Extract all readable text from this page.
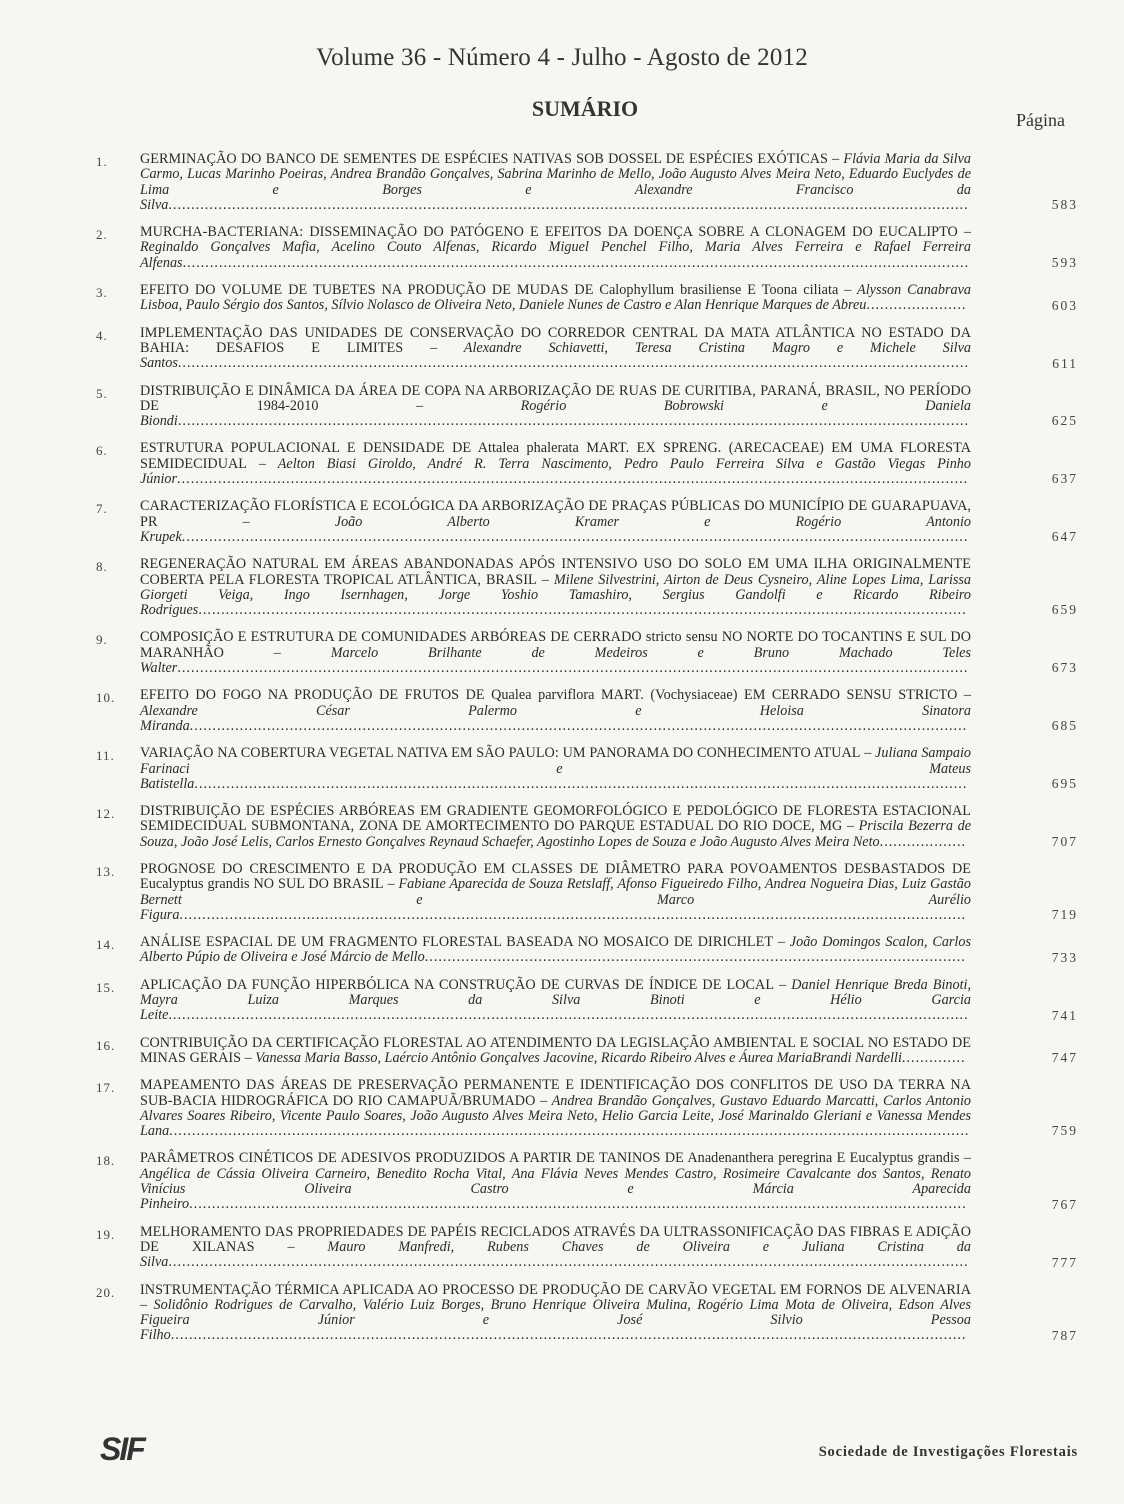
Volume 36 - Número 4 - Julho - Agosto de 2012
SUMÁRIO	Página
1.	GERMINAÇÃO DO BANCO DE SEMENTES DE ESPÉCIES NATIVAS SOB DOSSEL DE ESPÉCIES EXÓTICAS – Flávia Maria da Silva Carmo, Lucas Marinho Poeiras, Andrea Brandão Gonçalves, Sabrina Marinho de Mello, João Augusto Alves Meira Neto, Eduardo Euclydes de Lima e Borges e Alexandre Francisco da Silva................................................................................................................................................................................	583
2.	MURCHA-BACTERIANA: DISSEMINAÇÃO DO PATÓGENO E EFEITOS DA DOENÇA SOBRE A CLONAGEM DO EUCALIPTO – Reginaldo Gonçalves Mafia, Acelino Couto Alfenas, Ricardo Miguel Penchel Filho, Maria Alves Ferreira e Rafael Ferreira Alfenas.............................................................................................................................................................................	593
3.	EFEITO DO VOLUME DE TUBETES NA PRODUÇÃO DE MUDAS DE Calophyllum brasiliense E Toona ciliata – Alysson Canabrava Lisboa, Paulo Sérgio dos Santos, Sílvio Nolasco de Oliveira Neto, Daniele Nunes de Castro e Alan Henrique Marques de Abreu......................	603
4.	IMPLEMENTAÇÃO DAS UNIDADES DE CONSERVAÇÃO DO CORREDOR CENTRAL DA MATA ATLÂNTICA NO ESTADO DA BAHIA: DESAFIOS E LIMITES – Alexandre Schiavetti, Teresa Cristina Magro e Michele Silva Santos..............................................................................................................................................................................	611
5.	DISTRIBUIÇÃO E DINÂMICA DA ÁREA DE COPA NA ARBORIZAÇÃO DE RUAS DE CURITIBA, PARANÁ, BRASIL, NO PERÍODO DE 1984-2010	– Rogério Bobrowski e Daniela Biondi..............................................................................................................................................................................	625
6.	ESTRUTURA POPULACIONAL E DENSIDADE DE Attalea phalerata MART. EX SPRENG. (ARECACEAE) EM UMA FLORESTA SEMIDECIDUAL – Aelton Biasi Giroldo, André R. Terra Nascimento, Pedro Paulo Ferreira Silva e Gastão Viegas Pinho Júnior..............................................................................................................................................................................	637
7.	CARACTERIZAÇÃO FLORÍSTICA E ECOLÓGICA DA ARBORIZAÇÃO DE PRAÇAS PÚBLICAS DO MUNICÍPIO DE GUARAPUAVA, PR	– João Alberto Kramer e Rogério Antonio Krupek.............................................................................................................................................................................	647
8.	REGENERAÇÃO NATURAL EM ÁREAS ABANDONADAS APÓS INTENSIVO USO DO SOLO EM UMA ILHA ORIGINALMENTE COBERTA PELA FLORESTA TROPICAL ATLÂNTICA, BRASIL – Milene Silvestrini, Airton de Deus Cysneiro, Aline Lopes Lima, Larissa Giorgeti Veiga, Ingo Isernhagen, Jorge Yoshio Tamashiro, Sergius Gandolfi e Ricardo Ribeiro Rodrigues.........................................................................................................................................................................	659
9.	COMPOSIÇÃO E ESTRUTURA DE COMUNIDADES ARBÓREAS DE CERRADO stricto sensu NO NORTE DO TOCANTINS E SUL DO MARANHÃO	– Marcelo Brilhante de Medeiros e Bruno Machado Teles Walter..............................................................................................................................................................................	673
10.	EFEITO DO FOGO NA PRODUÇÃO DE FRUTOS DE Qualea parviflora MART. (Vochysiaceae) EM CERRADO SENSU STRICTO – Alexandre César Palermo e Heloisa Sinatora Miranda...........................................................................................................................................................................	685
11.	VARIAÇÃO NA COBERTURA VEGETAL NATIVA EM SÃO PAULO: UM PANORAMA DO CONHECIMENTO ATUAL – Juliana Sampaio Farinaci e Mateus Batistella..........................................................................................................................................................................	695
12.	DISTRIBUIÇÃO DE ESPÉCIES ARBÓREAS EM GRADIENTE GEOMORFOLÓGICO E PEDOLÓGICO DE FLORESTA ESTACIONAL SEMIDECIDUAL SUBMONTANA, ZONA DE AMORTECIMENTO DO PARQUE ESTADUAL DO RIO DOCE, MG – Priscila Bezerra de Souza, João José Lelis, Carlos Ernesto Gonçalves Reynaud Schaefer, Agostinho Lopes de Souza e João Augusto Alves Meira Neto...................	707
13.	PROGNOSE DO CRESCIMENTO E DA PRODUÇÃO EM CLASSES DE DIÂMETRO PARA POVOAMENTOS DESBASTADOS DE Eucalyptus grandis NO SUL DO BRASIL – Fabiane Aparecida de Souza Retslaff, Afonso Figueiredo Filho, Andrea Nogueira Dias, Luiz Gastão Bernett e Marco Aurélio Figura.............................................................................................................................................................................	719
14.	ANÁLISE ESPACIAL DE UM FRAGMENTO FLORESTAL BASEADA NO MOSAICO DE DIRICHLET – João Domingos Scalon, Carlos Alberto Púpio de Oliveira e José Márcio de Mello.......................................................................................................................	733
15.	APLICAÇÃO DA FUNÇÃO HIPERBÓLICA NA CONSTRUÇÃO DE CURVAS DE ÍNDICE DE LOCAL – Daniel Henrique Breda Binoti, Mayra Luiza Marques da Silva Binoti e Hélio Garcia Leite................................................................................................................................................................................	741
16.	CONTRIBUIÇÃO DA CERTIFICAÇÃO FLORESTAL AO ATENDIMENTO DA LEGISLAÇÃO AMBIENTAL E SOCIAL NO ESTADO DE MINAS GERAIS – Vanessa Maria Basso, Laércio Antônio Gonçalves Jacovine, Ricardo Ribeiro Alves e Áurea MariaBrandi Nardelli..............	747
17.	MAPEAMENTO DAS ÁREAS DE PRESERVAÇÃO PERMANENTE E IDENTIFICAÇÃO DOS CONFLITOS DE USO DA TERRA NA SUB-BACIA HIDROGRÁFICA DO RIO CAMAPUÃ/BRUMADO – Andrea Brandão Gonçalves, Gustavo Eduardo Marcatti, Carlos Antonio Alvares Soares Ribeiro, Vicente Paulo Soares, João Augusto Alves Meira Neto, Helio Garcia Leite, José Marinaldo Gleriani e Vanessa Mendes Lana................................................................................................................................................................................	759
18.	PARÂMETROS CINÉTICOS DE ADESIVOS PRODUZIDOS A PARTIR DE TANINOS DE Anadenanthera peregrina E Eucalyptus grandis – Angélica de Cássia Oliveira Carneiro, Benedito Rocha Vital, Ana Flávia Neves Mendes Castro, Rosimeire Cavalcante dos Santos, Renato Vinícius Oliveira Castro e Márcia Aparecida Pinheiro...........................................................................................................................................................................	767
19.	MELHORAMENTO DAS PROPRIEDADES DE PAPÉIS RECICLADOS ATRAVÉS DA ULTRASSONIFICAÇÃO DAS FIBRAS E ADIÇÃO DE XILANAS – Mauro Manfredi, Rubens Chaves de Oliveira e Juliana Cristina da Silva................................................................................................................................................................................	777
20.	INSTRUMENTAÇÃO TÉRMICA APLICADA AO PROCESSO DE PRODUÇÃO DE CARVÃO VEGETAL EM FORNOS DE ALVENARIA – Solidônio Rodrigues de Carvalho, Valério Luiz Borges, Bruno Henrique Oliveira Mulina, Rogério Lima Mota de Oliveira, Edson Alves Figueira Júnior e José Silvio Pessoa Filho...............................................................................................................................................................................	787
SIF	Sociedade de Investigações Florestais
